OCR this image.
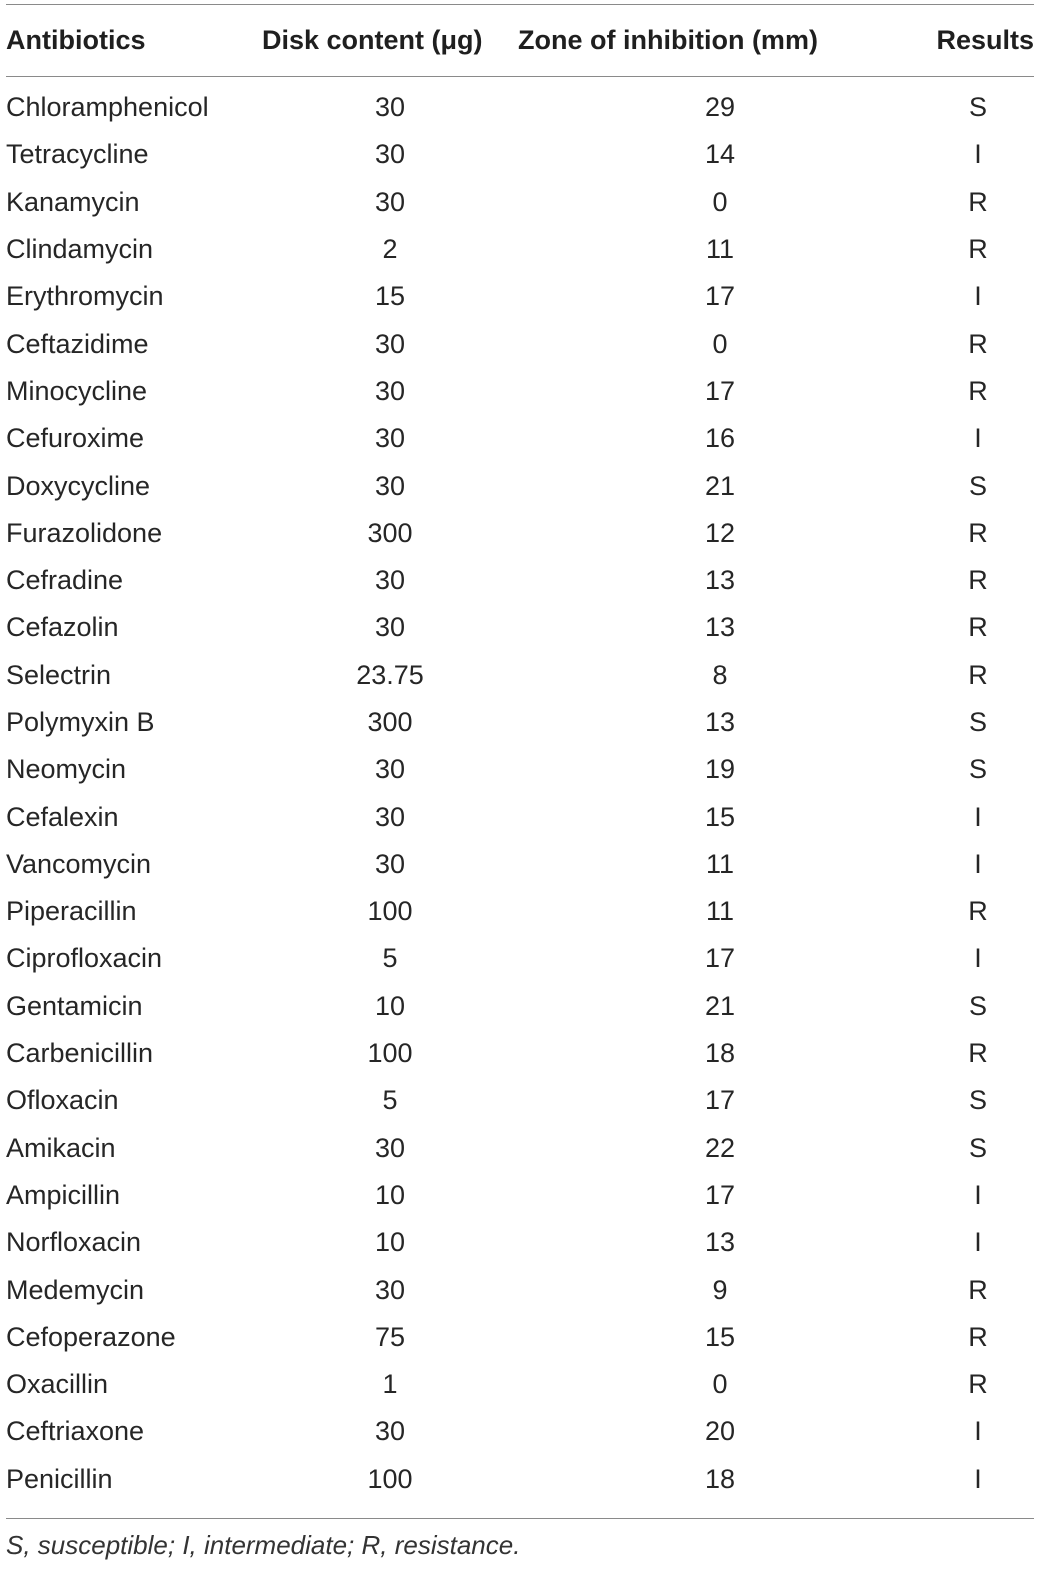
Antibiotics	Disk content (μg)	Zone of inhibition (mm)	Results
Chloramphenicol	30	29	S
Tetracycline	30	14	I
Kanamycin	30	0	R
Clindamycin	2	11	R
Erythromycin	15	17	I
Ceftazidime	30	0	R
Minocycline	30	17	R
Cefuroxime	30	16	I
Doxycycline	30	21	S
Furazolidone	300	12	R
Cefradine	30	13	R
Cefazolin	30	13	R
Selectrin	23.75	8	R
Polymyxin B	300	13	S
Neomycin	30	19	S
Cefalexin	30	15	I
Vancomycin	30	11	I
Piperacillin	100	11	R
Ciprofloxacin	5	17	I
Gentamicin	10	21	S
Carbenicillin	100	18	R
Ofloxacin	5	17	S
Amikacin	30	22	S
Ampicillin	10	17	I
Norfloxacin	10	13	I
Medemycin	30	9	R
Cefoperazone	75	15	R
Oxacillin	1	0	R
Ceftriaxone	30	20	I
Penicillin	100	18	I
S, susceptible; I, intermediate; R, resistance.
